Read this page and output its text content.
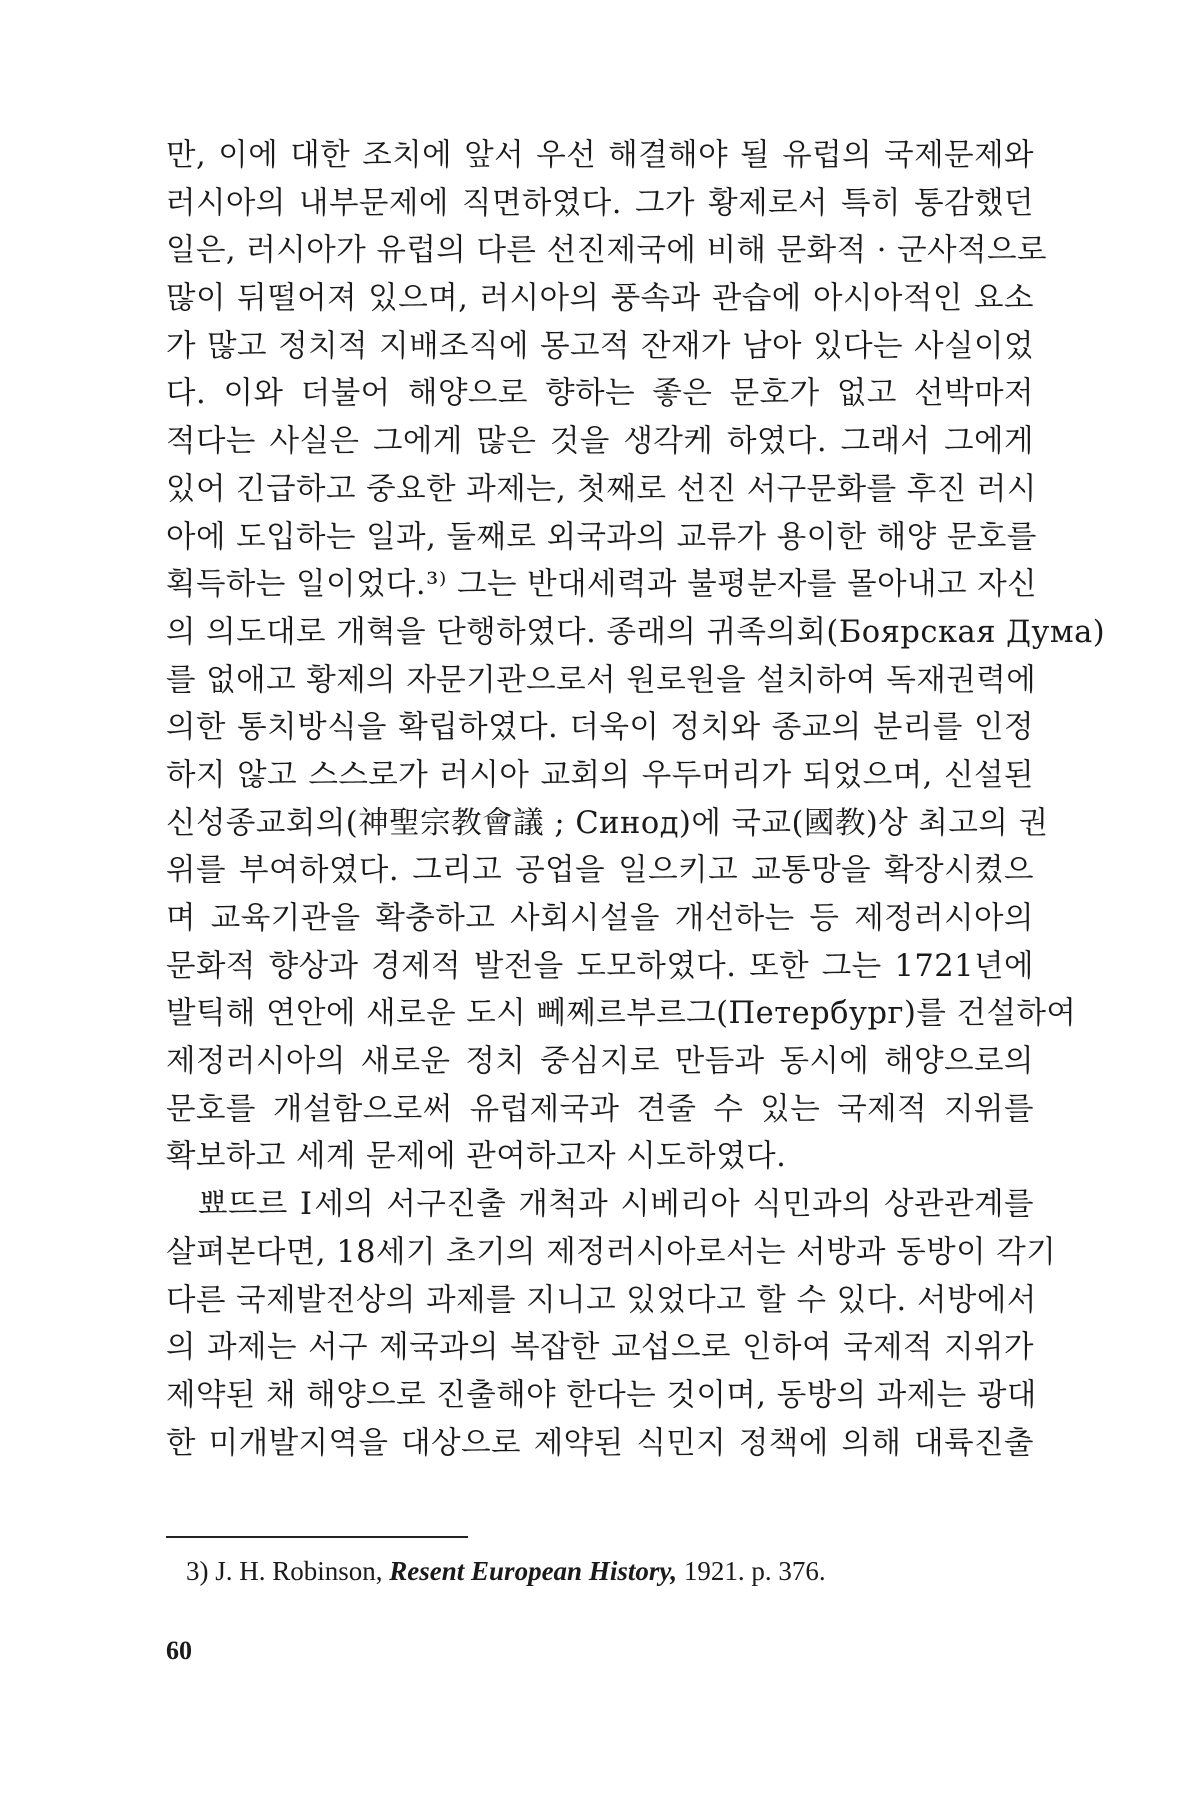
만, 이에 대한 조치에 앞서 우선 해결해야 될 유럽의 국제문제와
러시아의 내부문제에 직면하였다. 그가 황제로서 특히 통감했던
일은, 러시아가 유럽의 다른 선진제국에 비해 문화적 · 군사적으로
많이 뒤떨어져 있으며, 러시아의 풍속과 관습에 아시아적인 요소
가 많고 정치적 지배조직에 몽고적 잔재가 남아 있다는 사실이었
다. 이와 더불어 해양으로 향하는 좋은 문호가 없고 선박마저
적다는 사실은 그에게 많은 것을 생각케 하였다. 그래서 그에게
있어 긴급하고 중요한 과제는, 첫째로 선진 서구문화를 후진 러시
아에 도입하는 일과, 둘째로 외국과의 교류가 용이한 해양 문호를
획득하는 일이었다.³⁾ 그는 반대세력과 불평분자를 몰아내고 자신
의 의도대로 개혁을 단행하였다. 종래의 귀족의회(Боярская Дума)
를 없애고 황제의 자문기관으로서 원로원을 설치하여 독재권력에
의한 통치방식을 확립하였다. 더욱이 정치와 종교의 분리를 인정
하지 않고 스스로가 러시아 교회의 우두머리가 되었으며, 신설된
신성종교회의(神聖宗教會議 ; Синод)에 국교(國教)상 최고의 권
위를 부여하였다. 그리고 공업을 일으키고 교통망을 확장시켰으
며 교육기관을 확충하고 사회시설을 개선하는 등 제정러시아의
문화적 향상과 경제적 발전을 도모하였다. 또한 그는 1721년에
발틱해 연안에 새로운 도시 뻬쩨르부르그(Петербург)를 건설하여
제정러시아의 새로운 정치 중심지로 만듬과 동시에 해양으로의
문호를 개설함으로써 유럽제국과 견줄 수 있는 국제적 지위를
확보하고 세계 문제에 관여하고자 시도하였다.
뾰뜨르 Ⅰ세의 서구진출 개척과 시베리아 식민과의 상관관계를
살펴본다면, 18세기 초기의 제정러시아로서는 서방과 동방이 각기
다른 국제발전상의 과제를 지니고 있었다고 할 수 있다. 서방에서
의 과제는 서구 제국과의 복잡한 교섭으로 인하여 국제적 지위가
제약된 채 해양으로 진출해야 한다는 것이며, 동방의 과제는 광대
한 미개발지역을 대상으로 제약된 식민지 정책에 의해 대륙진출
3) J. H. Robinson, Resent European History, 1921. p. 376.
60
